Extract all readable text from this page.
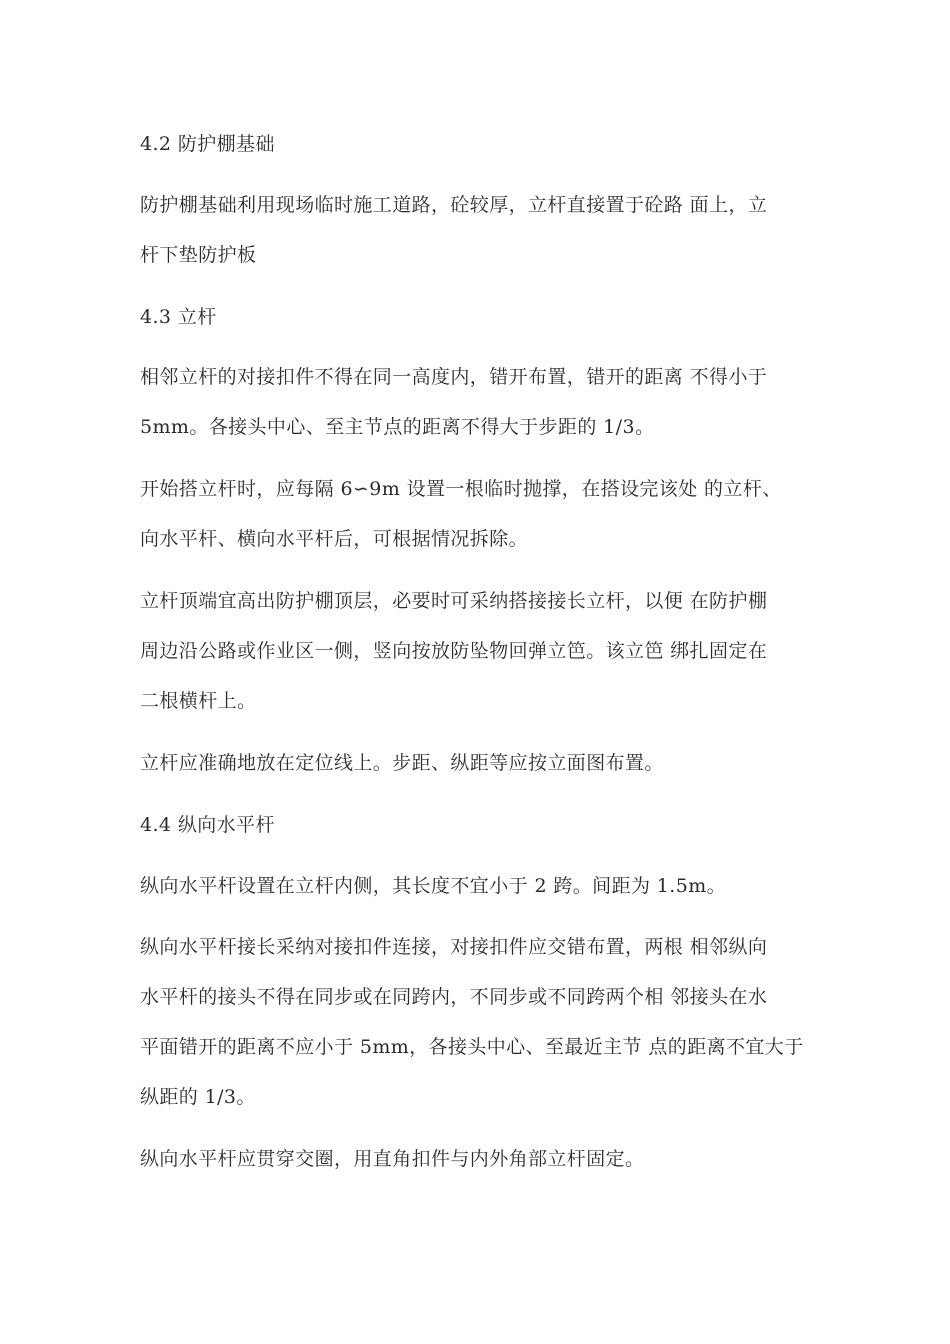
4.2 防护棚基础
防护棚基础利用现场临时施工道路，砼较厚，立杆直接置于砼路 面上，立
杆下垫防护板
4.3 立杆
相邻立杆的对接扣件不得在同一高度内，错开布置，错开的距离 不得小于
5mm。各接头中心、至主节点的距离不得大于步距的 1/3。
开始搭立杆时，应每隔 6∽9m 设置一根临时抛撑，在搭设完该处 的立杆、
向水平杆、横向水平杆后，可根据情况拆除。
立杆顶端宜高出防护棚顶层，必要时可采纳搭接接长立杆，以便 在防护棚
周边沿公路或作业区一侧，竖向按放防坠物回弹立笆。该立笆 绑扎固定在
二根横杆上。
立杆应准确地放在定位线上。步距、纵距等应按立面图布置。
4.4 纵向水平杆
纵向水平杆设置在立杆内侧，其长度不宜小于 2 跨。间距为 1.5m。
纵向水平杆接长采纳对接扣件连接，对接扣件应交错布置，两根 相邻纵向
水平杆的接头不得在同步或在同跨内，不同步或不同跨两个相 邻接头在水
平面错开的距离不应小于 5mm，各接头中心、至最近主节 点的距离不宜大于
纵距的 1/3。
纵向水平杆应贯穿交圈，用直角扣件与内外角部立杆固定。
